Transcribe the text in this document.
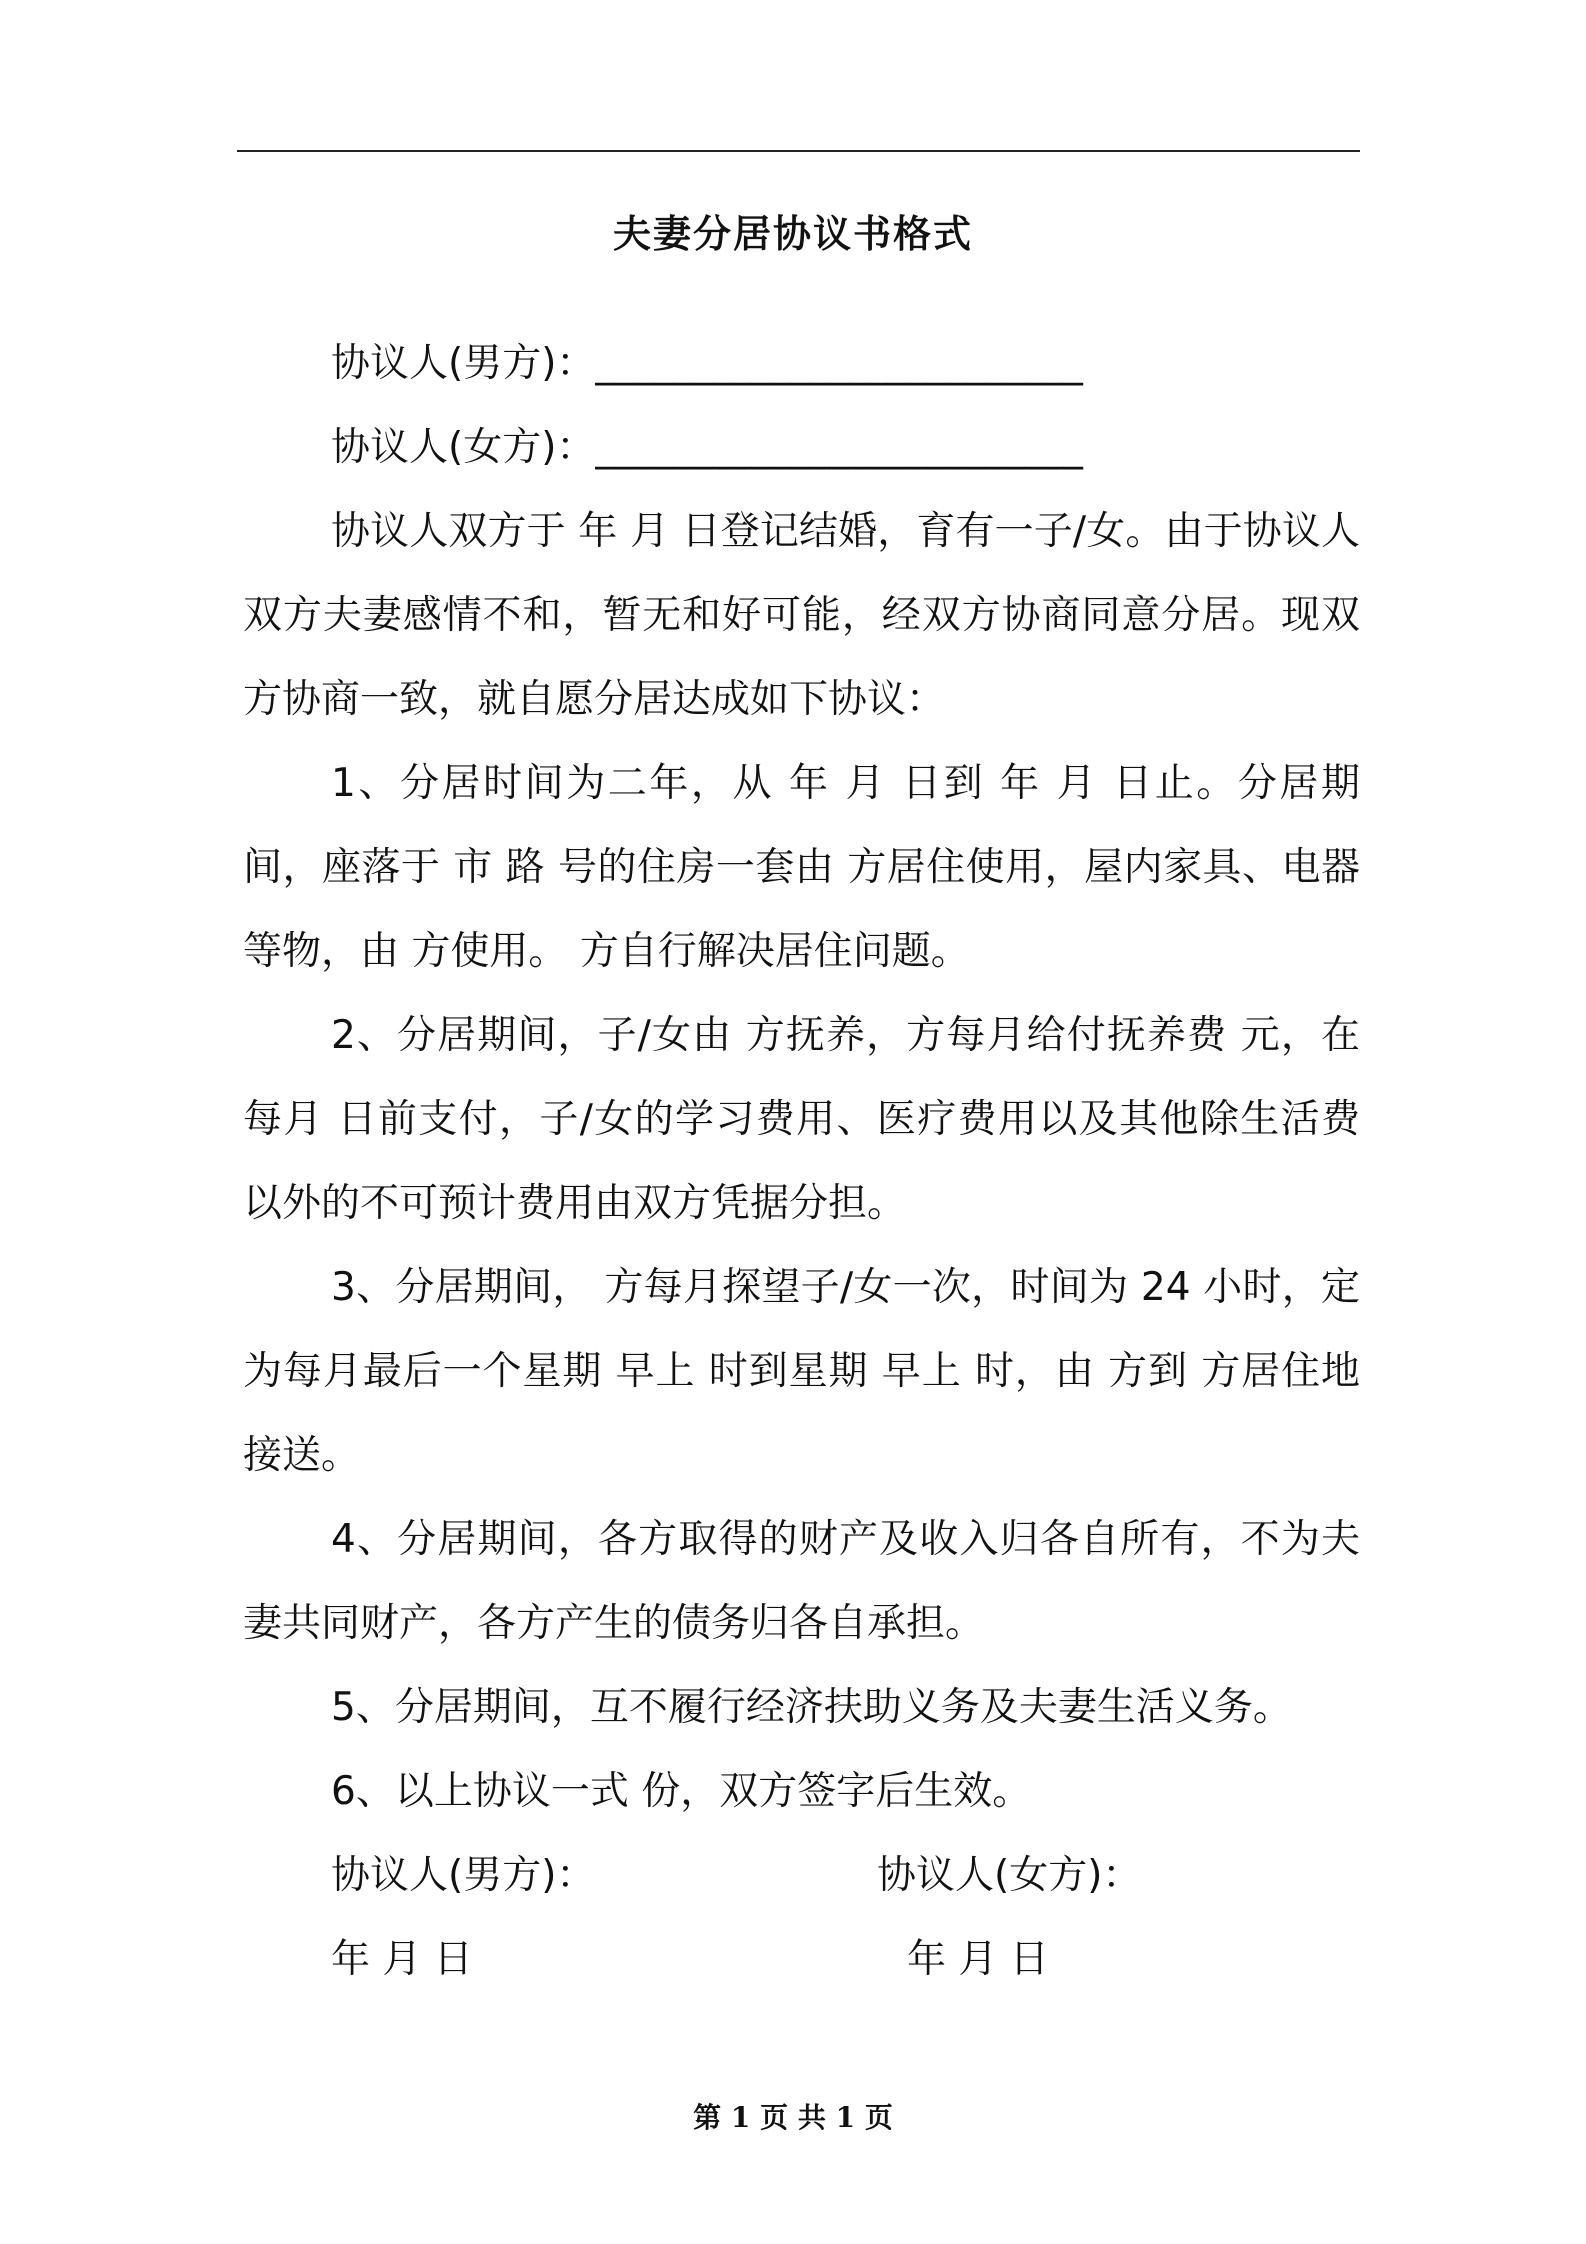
夫妻分居协议书格式
协议人(男方)：_________________________
协议人(女方)：_________________________

协议人双方于 年 月 日登记结婚，育有一子/女。由于协议人双方夫妻感情不和，暂无和好可能，经双方协商同意分居。现双方协商一致，就自愿分居达成如下协议：

1、分居时间为二年，从 年 月 日到 年 月 日止。分居期间，座落于 市 路 号的住房一套由 方居住使用，屋内家具、电器等物，由 方使用。 方自行解决居住问题。

2、分居期间，子/女由 方抚养，方每月给付抚养费 元，在每月 日前支付，子/女的学习费用、医疗费用以及其他除生活费以外的不可预计费用由双方凭据分担。

3、分居期间， 方每月探望子/女一次，时间为 24 小时，定为每月最后一个星期 早上 时到星期 早上 时，由 方到 方居住地接送。

4、分居期间，各方取得的财产及收入归各自所有，不为夫妻共同财产，各方产生的债务归各自承担。

5、分居期间，互不履行经济扶助义务及夫妻生活义务。

6、以上协议一式 份，双方签字后生效。

协议人(男方)：	协议人(女方)：
年 月 日	年 月 日
第 1 页 共 1 页
